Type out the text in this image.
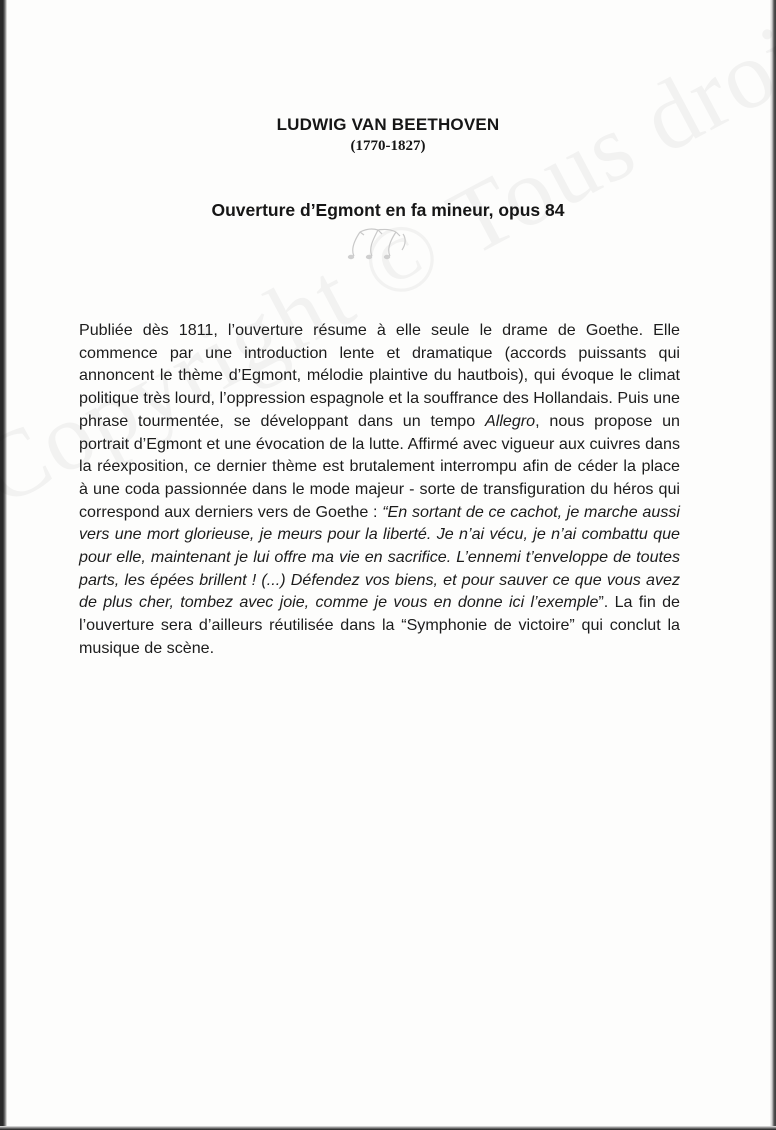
LUDWIG VAN BEETHOVEN
(1770-1827)
Ouverture d’Egmont en fa mineur, opus 84

Publiée dès 1811, l’ouverture résume à elle seule le drame de Goethe. Elle commence par une introduction lente et dramatique (accords puissants qui annoncent le thème d’Egmont, mélodie plaintive du hautbois), qui évoque le climat politique très lourd, l’oppression espagnole et la souffrance des Hollandais. Puis une phrase tourmentée, se développant dans un tempo Allegro, nous propose un portrait d’Egmont et une évocation de la lutte. Affirmé avec vigueur aux cuivres dans la réexposition, ce dernier thème est brutalement interrompu afin de céder la place à une coda passionnée dans le mode majeur - sorte de transfiguration du héros qui correspond aux derniers vers de Goethe : “En sortant de ce cachot, je marche aussi vers une mort glorieuse, je meurs pour la liberté. Je n’ai vécu, je n’ai combattu que pour elle, maintenant je lui offre ma vie en sacrifice. L’ennemi t’enveloppe de toutes parts, les épées brillent ! (...) Défendez vos biens, et pour sauver ce que vous avez de plus cher, tombez avec joie, comme je vous en donne ici l’exemple”. La fin de l’ouverture sera d’ailleurs réutilisée dans la “Symphonie de victoire” qui conclut la musique de scène.
